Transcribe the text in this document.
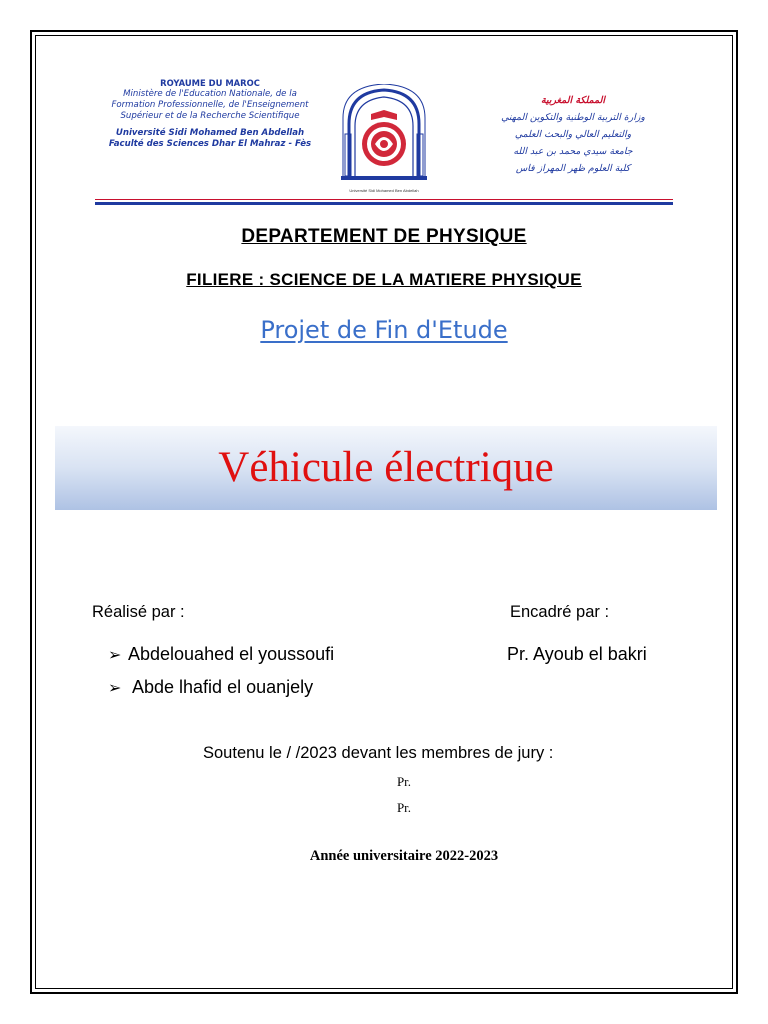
ROYAUME DU MAROC
Ministère de l'Education Nationale, de la
Formation Professionnelle, de l'Enseignement
Supérieur et de la Recherche Scientifique
Université Sidi Mohamed Ben Abdellah
Faculté des Sciences Dhar El Mahraz - Fès
Université Sidi Mohamed Ben Abdellah
المملكة المغربية
وزارة التربية الوطنية والتكوين المهني
والتعليم العالي والبحث العلمي
جامعة سيدي محمد بن عبد الله
كلية العلوم ظهر المهراز فاس
DEPARTEMENT DE PHYSIQUE
FILIERE : SCIENCE DE LA MATIERE PHYSIQUE
Projet de Fin d'Etude
Véhicule électrique
Réalisé par :	Encadré par :
➢ Abdelouahed el youssoufi
➢ Abde lhafid el ouanjely
Pr. Ayoub el bakri
Soutenu le / /2023 devant les membres de jury :
Pr.
Pr.
Année universitaire 2022-2023
